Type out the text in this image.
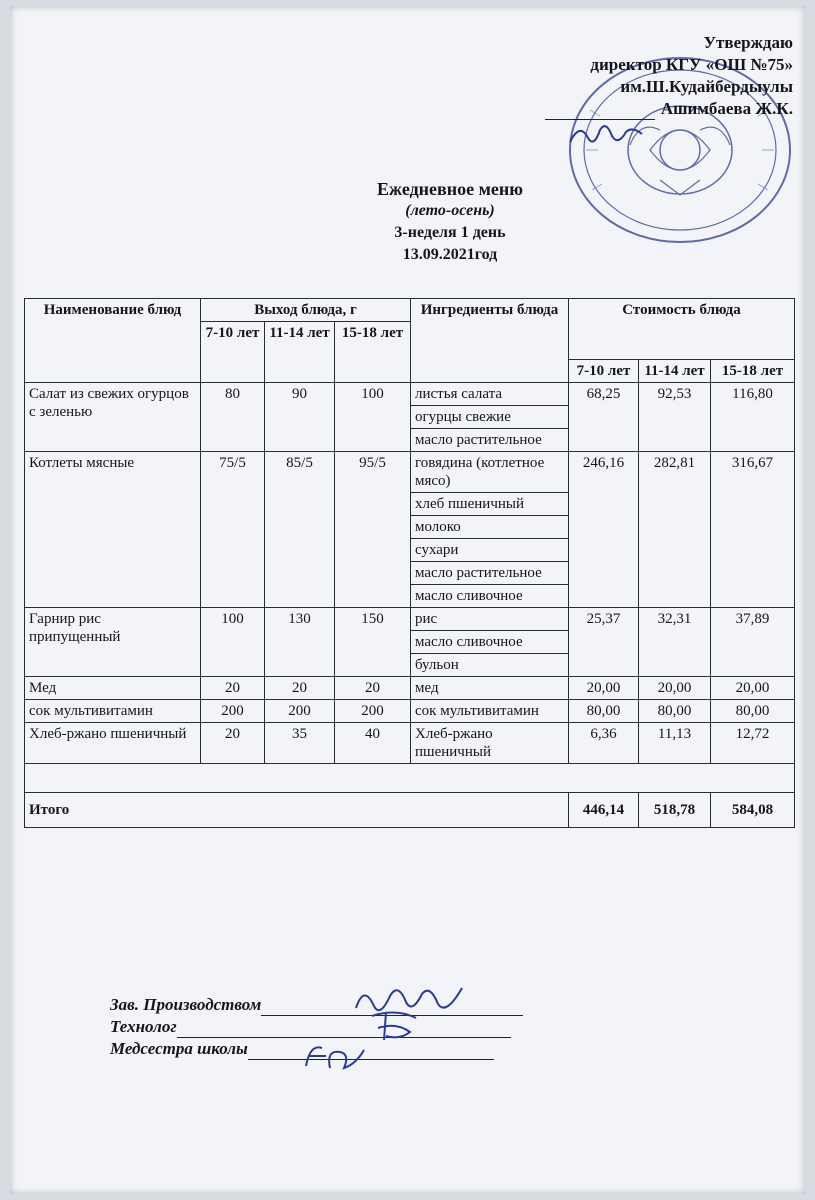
Утверждаю
директор КГУ «ОШ №75»
им.Ш.Кудайбердыулы
Ашимбаева Ж.К.
Ежедневное меню
(лето-осень)
3-неделя 1 день
13.09.2021год
Наименование блюд	Выход блюда, г			Ингредиенты блюда	Стоимость блюда		
	7-10 лет	11-14 лет	15-18 лет				
					7-10 лет	11-14 лет	15-18 лет
Салат из свежих огурцов с зеленью	80	90	100	листья салата	68,25	92,53	116,80
				огурцы свежие			
				масло растительное			
Котлеты мясные	75/5	85/5	95/5	говядина (котлетное мясо)	246,16	282,81	316,67
				хлеб пшеничный			
				молоко			
				сухари			
				масло растительное			
				масло сливочное			
Гарнир рис припущенный	100	130	150	рис	25,37	32,31	37,89
				масло сливочное			
				бульон			
Мед	20	20	20	мед	20,00	20,00	20,00
сок мультивитамин	200	200	200	сок мультивитамин	80,00	80,00	80,00
Хлеб-ржано пшеничный	20	35	40	Хлеб-ржано пшеничный	6,36	11,13	12,72

Итого					446,14	518,78	584,08
Зав. Производством
Технолог
Медсестра школы
